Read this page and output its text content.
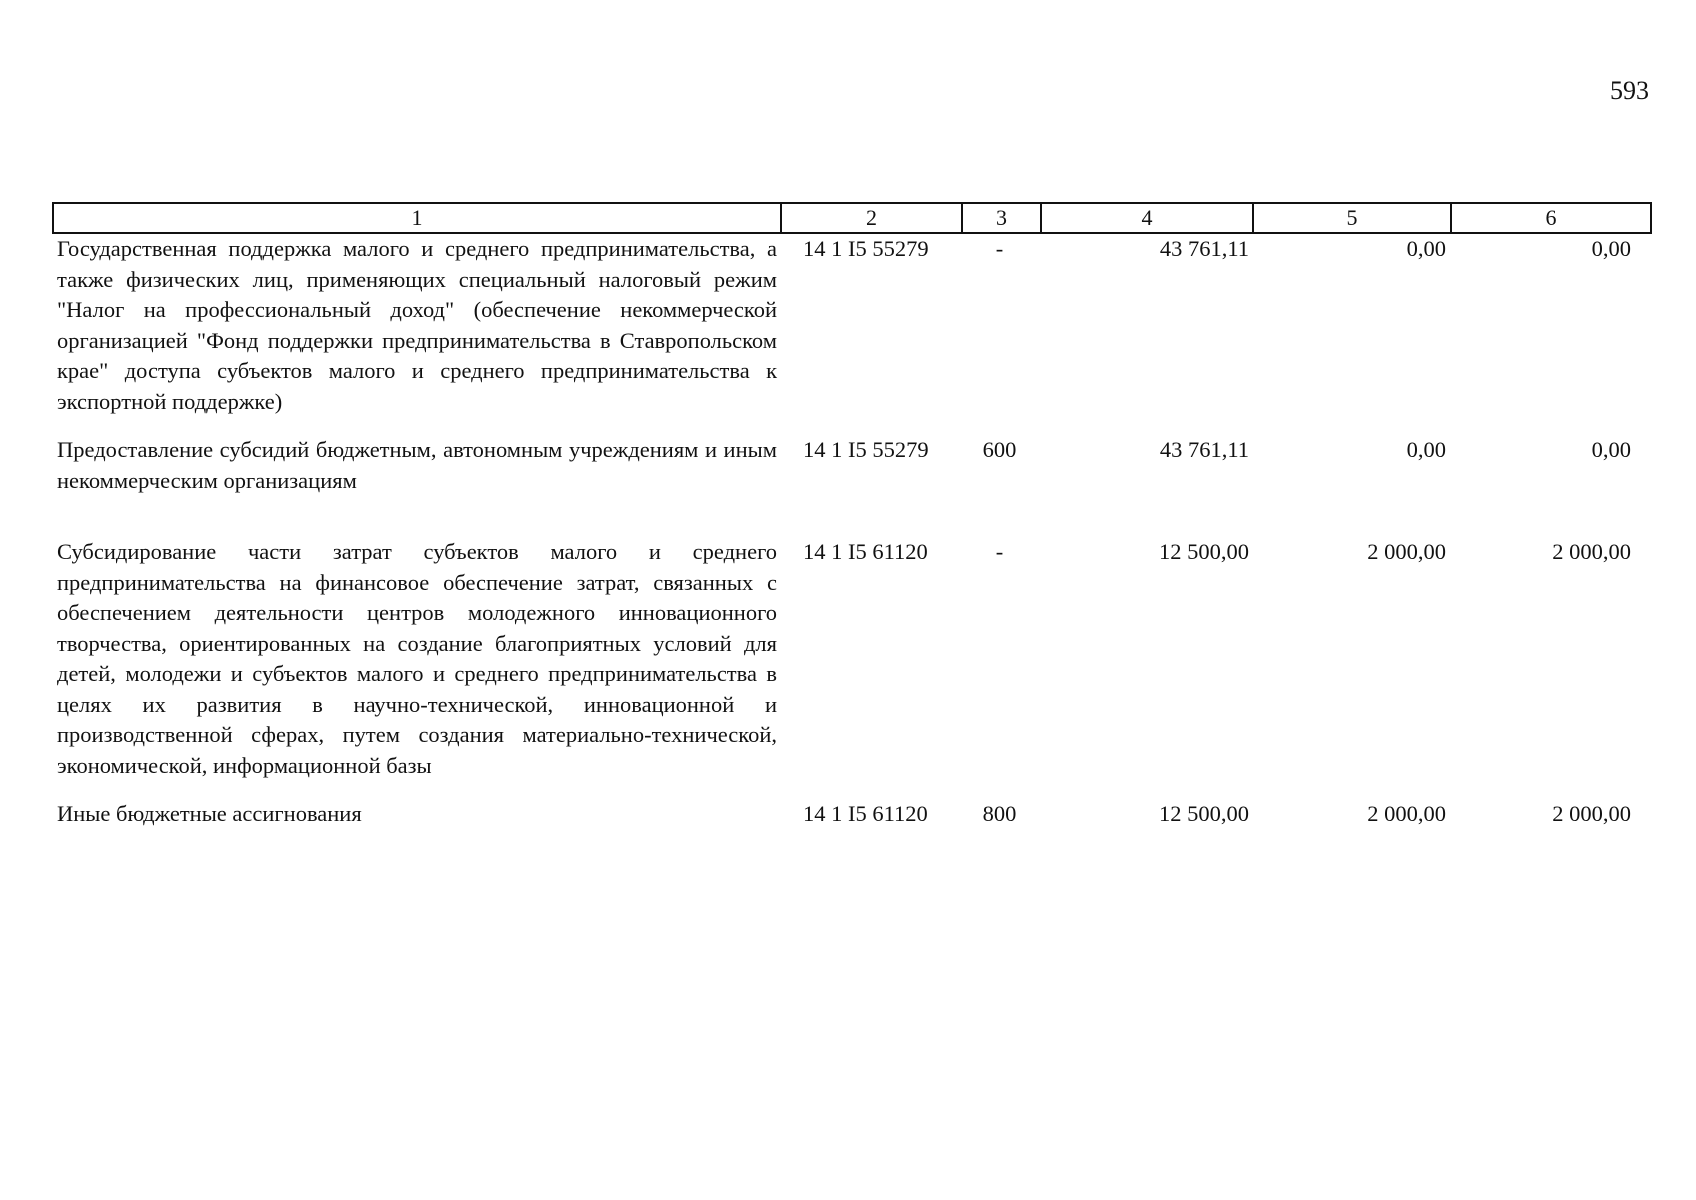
593
1	2	3	4	5	6
Государственная поддержка малого и среднего предпринимательства, а также физических лиц, применяющих специальный налоговый режим "Налог на профессиональный доход" (обеспечение некоммерческой организацией "Фонд поддержки предпринимательства в Ставропольском крае" доступа субъектов малого и среднего предпринимательства к экспортной поддержке)	14 1 I5 55279	-	43 761,11	0,00	0,00
Предоставление субсидий бюджетным, автономным учреждениям и иным некоммерческим организациям	14 1 I5 55279	600	43 761,11	0,00	0,00
Субсидирование части затрат субъектов малого и среднего предпринимательства на финансовое обеспечение затрат, связанных с обеспечением деятельности центров молодежного инновационного творчества, ориентированных на создание благоприятных условий для детей, молодежи и субъектов малого и среднего предпринимательства в целях их развития в научно-технической, инновационной и производственной сферах, путем создания материально-технической, экономической, информационной базы	14 1 I5 61120	-	12 500,00	2 000,00	2 000,00
Иные бюджетные ассигнования	14 1 I5 61120	800	12 500,00	2 000,00	2 000,00
